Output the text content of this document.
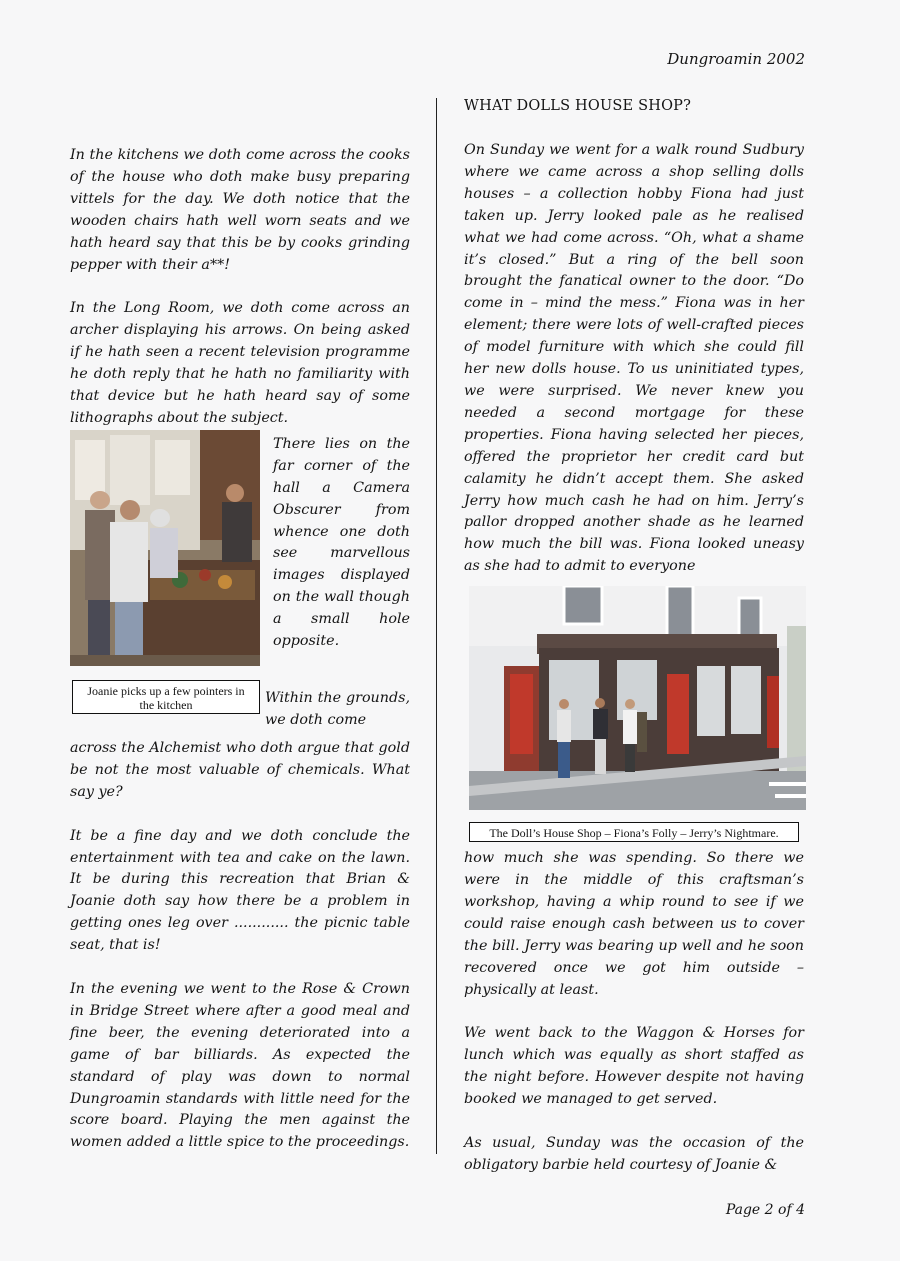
Dungroamin 2002

In the kitchens we doth come across the cooks of the house who doth make busy preparing vittels for the day. We doth notice that the wooden chairs hath well worn seats and we hath heard say that this be by cooks grinding pepper with their a**!

In the Long Room, we doth come across an archer displaying his arrows. On being asked if he hath seen a recent television programme he doth reply that he hath no familiarity with that device but he hath heard say of some lithographs about the subject.

There lies on the far corner of the hall a Camera Obscurer from whence one doth see marvellous images displayed on the wall though a small hole opposite.
Joanie picks up a few pointers in the kitchen	Within the grounds, we doth come

across the Alchemist who doth argue that gold be not the most valuable of chemicals. What say ye?

It be a fine day and we doth conclude the entertainment with tea and cake on the lawn. It be during this recreation that Brian & Joanie doth say how there be a problem in getting ones leg over ............ the picnic table seat, that is!

In the evening we went to the Rose & Crown in Bridge Street where after a good meal and fine beer, the evening deteriorated into a game of bar billiards. As expected the standard of play was down to normal Dungroamin standards with little need for the score board. Playing the men against the women added a little spice to the proceedings.

WHAT DOLLS HOUSE SHOP?

On Sunday we went for a walk round Sudbury where we came across a shop selling dolls houses – a collection hobby Fiona had just taken up. Jerry looked pale as he realised what we had come across. “Oh, what a shame it’s closed.” But a ring of the bell soon brought the fanatical owner to the door. “Do come in – mind the mess.” Fiona was in her element; there were lots of well-crafted pieces of model furniture with which she could fill her new dolls house. To us uninitiated types, we were surprised. We never knew you needed a second mortgage for these properties. Fiona having selected her pieces, offered the proprietor her credit card but calamity he didn’t accept them. She asked Jerry how much cash he had on him. Jerry’s pallor dropped another shade as he learned how much the bill was. Fiona looked uneasy as she had to admit to everyone

The Doll’s House Shop – Fiona’s Folly – Jerry’s Nightmare.

how much she was spending. So there we were in the middle of this craftsman’s workshop, having a whip round to see if we could raise enough cash between us to cover the bill. Jerry was bearing up well and he soon recovered once we got him outside – physically at least.

We went back to the Waggon & Horses for lunch which was equally as short staffed as the night before. However despite not having booked we managed to get served.

As usual, Sunday was the occasion of the obligatory barbie held courtesy of Joanie &

Page 2 of 4
